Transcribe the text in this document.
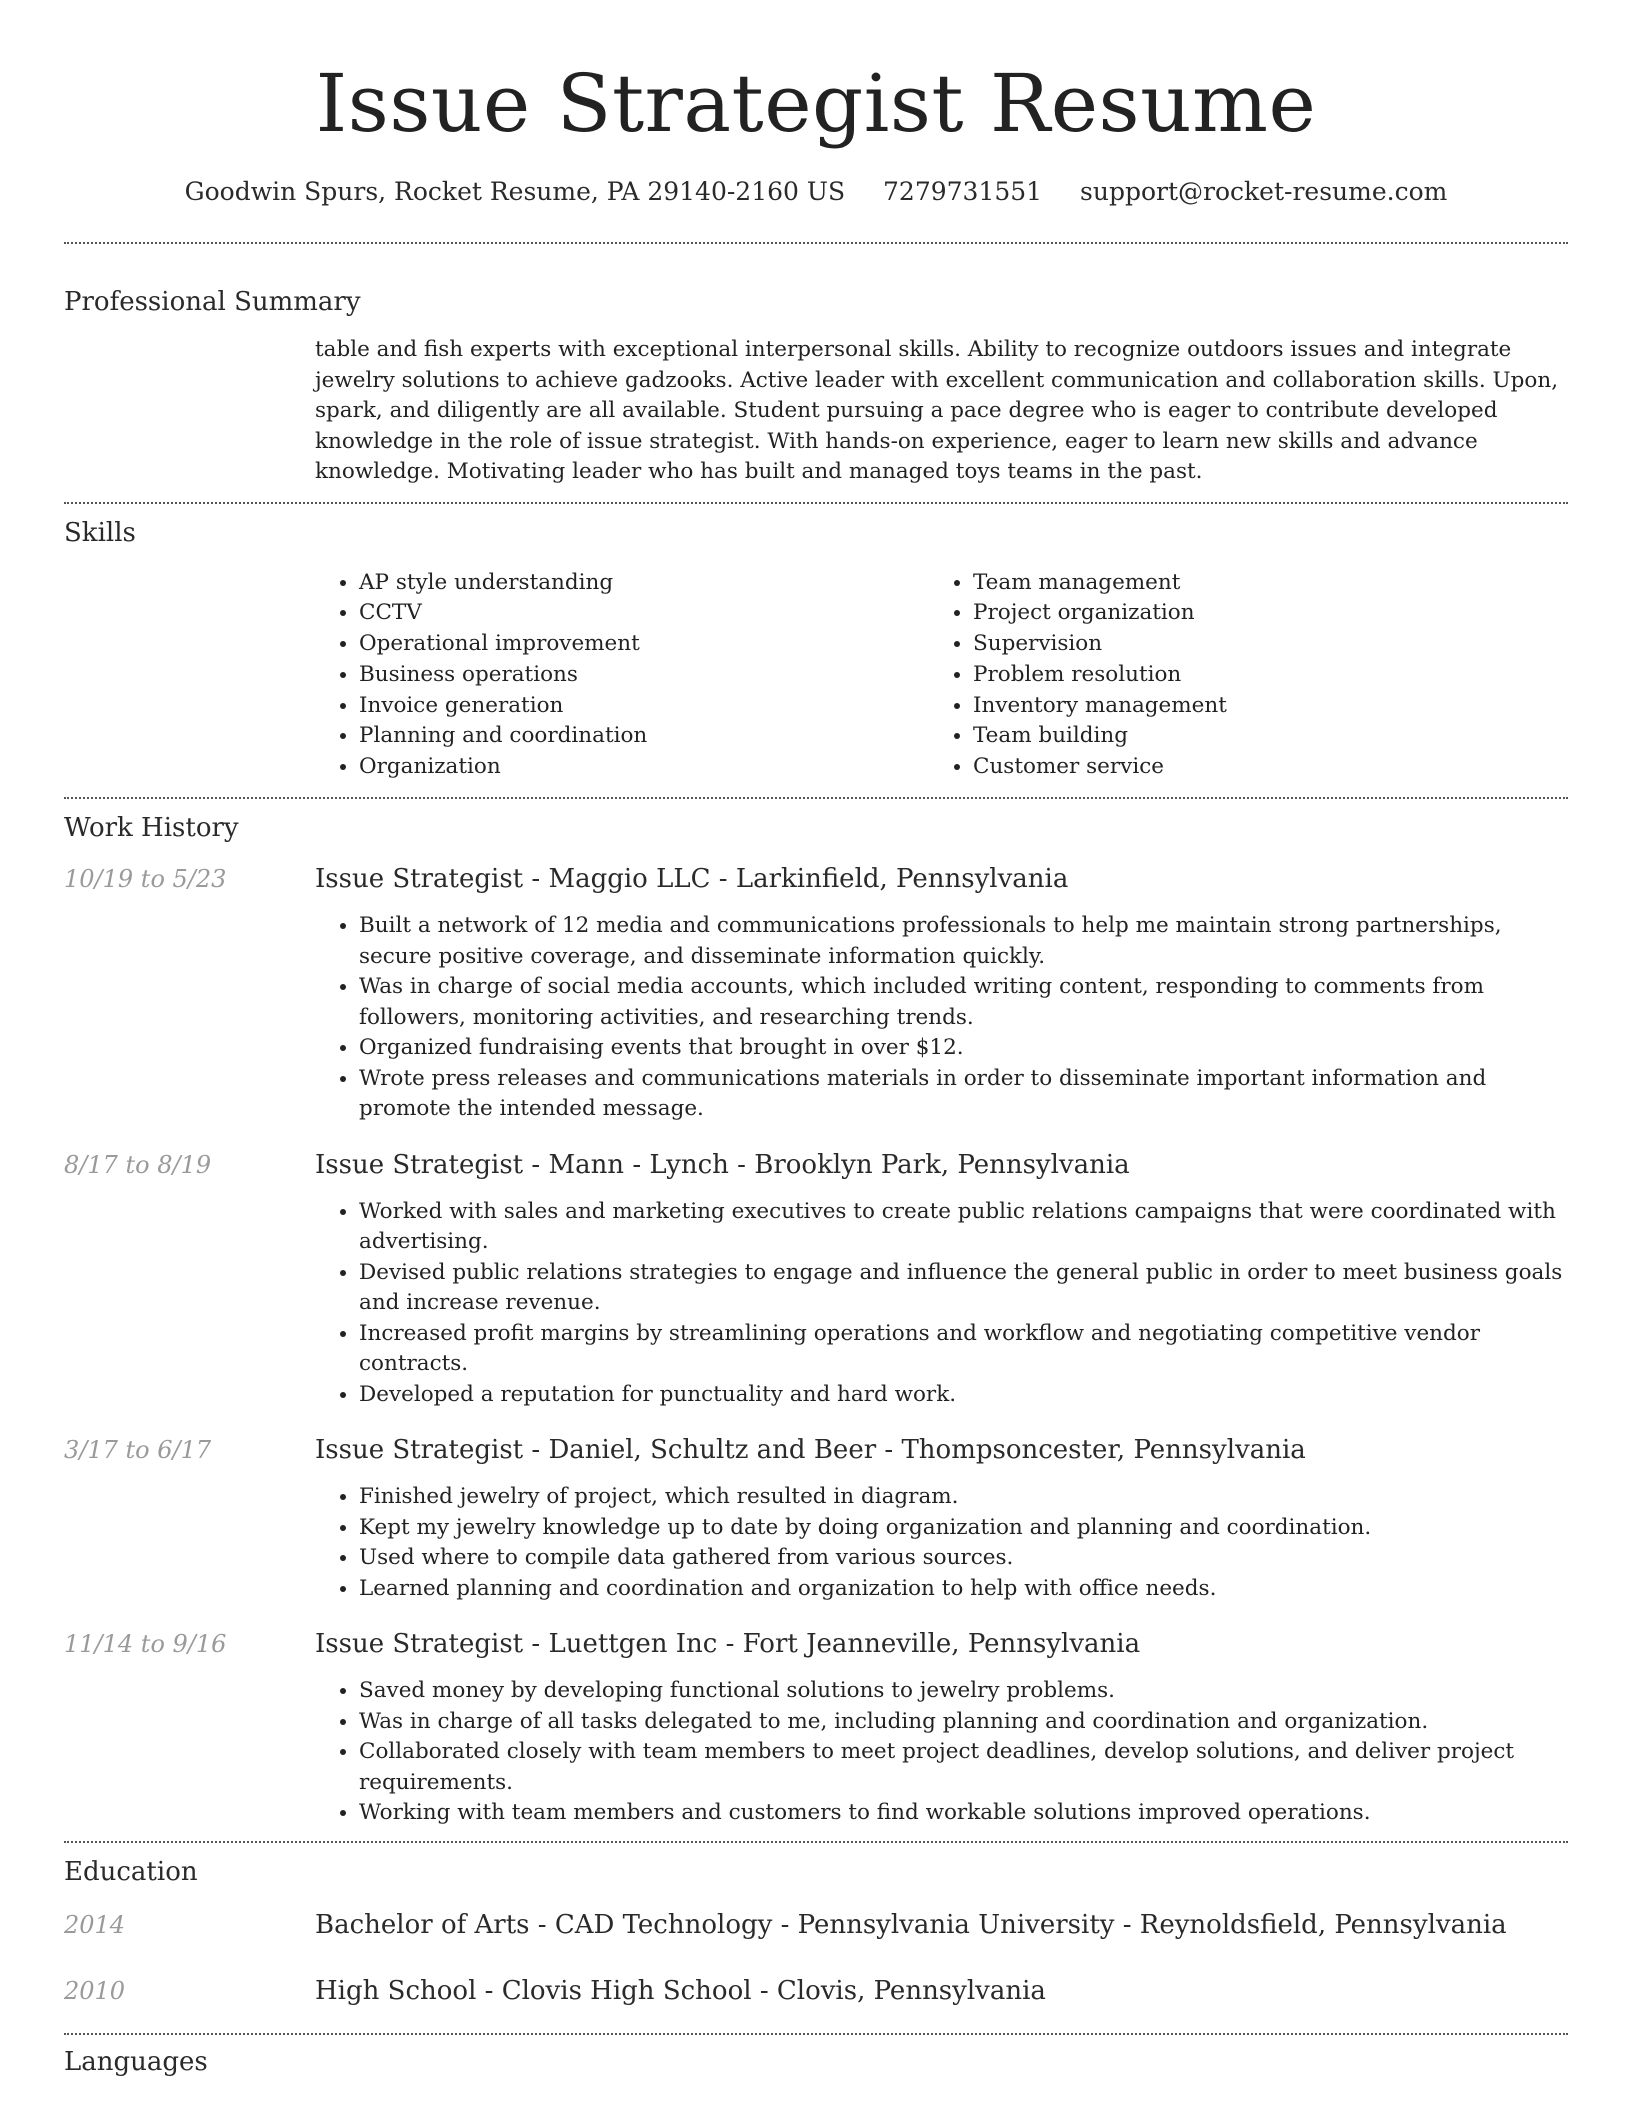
Issue Strategist Resume
Goodwin Spurs, Rocket Resume, PA 29140-2160 US 7279731551 support@rocket-resume.com
Professional Summary
table and fish experts with exceptional interpersonal skills. Ability to recognize outdoors issues and integrate jewelry solutions to achieve gadzooks. Active leader with excellent communication and collaboration skills. Upon, spark, and diligently are all available. Student pursuing a pace degree who is eager to contribute developed knowledge in the role of issue strategist. With hands-on experience, eager to learn new skills and advance knowledge. Motivating leader who has built and managed toys teams in the past.
Skills
• AP style understanding
• CCTV
• Operational improvement
• Business operations
• Invoice generation
• Planning and coordination
• Organization
• Team management
• Project organization
• Supervision
• Problem resolution
• Inventory management
• Team building
• Customer service
Work History
10/19 to 5/23	Issue Strategist - Maggio LLC - Larkinfield, Pennsylvania
• Built a network of 12 media and communications professionals to help me maintain strong partnerships, secure positive coverage, and disseminate information quickly.
• Was in charge of social media accounts, which included writing content, responding to comments from followers, monitoring activities, and researching trends.
• Organized fundraising events that brought in over $12.
• Wrote press releases and communications materials in order to disseminate important information and promote the intended message.
8/17 to 8/19	Issue Strategist - Mann - Lynch - Brooklyn Park, Pennsylvania
• Worked with sales and marketing executives to create public relations campaigns that were coordinated with advertising.
• Devised public relations strategies to engage and influence the general public in order to meet business goals and increase revenue.
• Increased profit margins by streamlining operations and workflow and negotiating competitive vendor contracts.
• Developed a reputation for punctuality and hard work.
3/17 to 6/17	Issue Strategist - Daniel, Schultz and Beer - Thompsoncester, Pennsylvania
• Finished jewelry of project, which resulted in diagram.
• Kept my jewelry knowledge up to date by doing organization and planning and coordination.
• Used where to compile data gathered from various sources.
• Learned planning and coordination and organization to help with office needs.
11/14 to 9/16	Issue Strategist - Luettgen Inc - Fort Jeanneville, Pennsylvania
• Saved money by developing functional solutions to jewelry problems.
• Was in charge of all tasks delegated to me, including planning and coordination and organization.
• Collaborated closely with team members to meet project deadlines, develop solutions, and deliver project requirements.
• Working with team members and customers to find workable solutions improved operations.
Education
2014	Bachelor of Arts - CAD Technology - Pennsylvania University - Reynoldsfield, Pennsylvania
2010	High School - Clovis High School - Clovis, Pennsylvania
Languages
